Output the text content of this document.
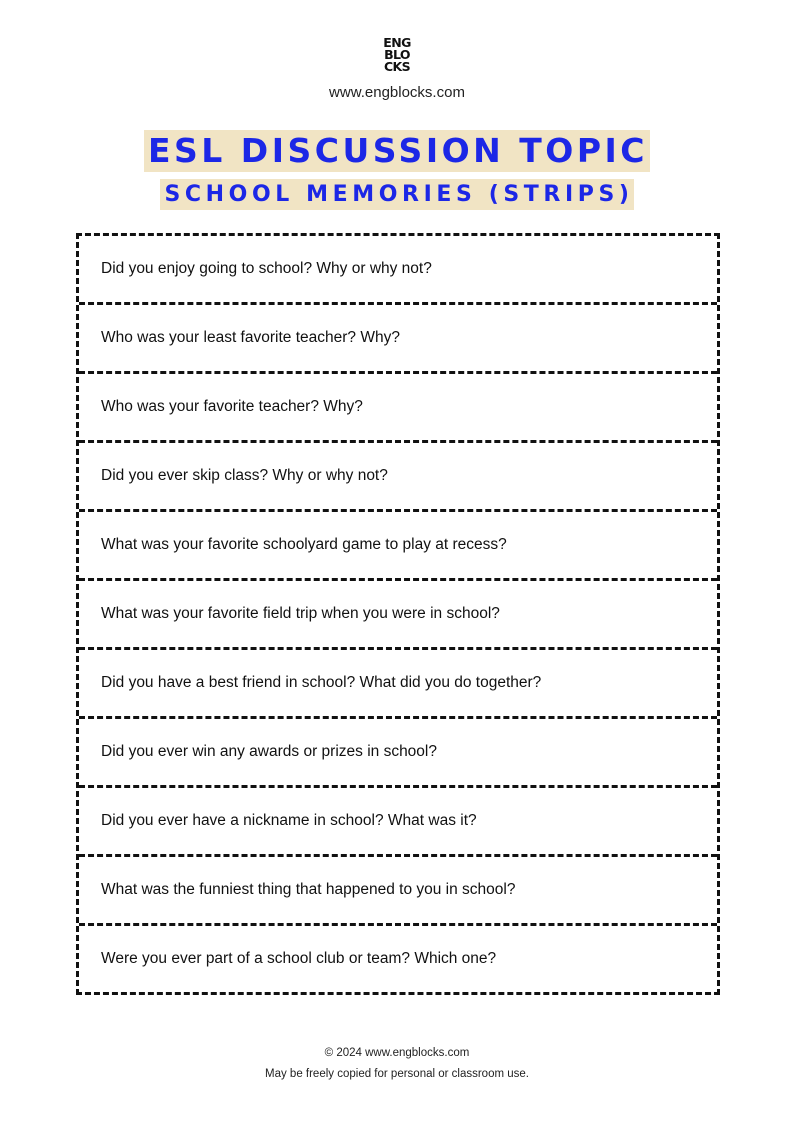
ENG
BLO
CKS
www.engblocks.com
ESL DISCUSSION TOPIC
SCHOOL MEMORIES (STRIPS)
Did you enjoy going to school? Why or why not?
Who was your least favorite teacher? Why?
Who was your favorite teacher? Why?
Did you ever skip class? Why or why not?
What was your favorite schoolyard game to play at recess?
What was your favorite field trip when you were in school?
Did you have a best friend in school? What did you do together?
Did you ever win any awards or prizes in school?
Did you ever have a nickname in school? What was it?
What was the funniest thing that happened to you in school?
Were you ever part of a school club or team? Which one?
© 2024 www.engblocks.com
May be freely copied for personal or classroom use.
